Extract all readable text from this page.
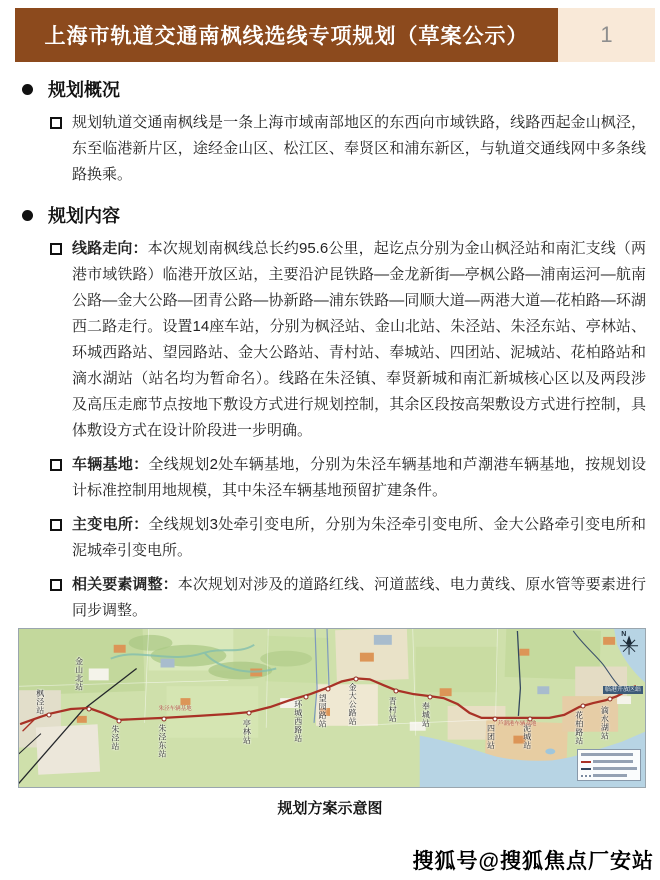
上海市轨道交通南枫线选线专项规划（草案公示）	1
规划概况
规划轨道交通南枫线是一条上海市域南部地区的东西向市域铁路，线路西起金山枫泾，东至临港新片区，途经金山区、松江区、奉贤区和浦东新区，与轨道交通线网中多条线路换乘。
规划内容
线路走向：本次规划南枫线总长约95.6公里，起讫点分别为金山枫泾站和南汇支线（两港市域铁路）临港开放区站，主要沿沪昆铁路—金龙新街—亭枫公路—浦南运河—航南公路—金大公路—团青公路—协新路—浦东铁路—同顺大道—两港大道—花柏路—环湖西二路走行。设置14座车站，分别为枫泾站、金山北站、朱泾站、朱泾东站、亭林站、环城西路站、望园路站、金大公路站、青村站、奉城站、四团站、泥城站、花柏路站和滴水湖站（站名均为暂命名）。线路在朱泾镇、奉贤新城和南汇新城核心区以及两段涉及高压走廊节点按地下敷设方式进行规划控制，其余区段按高架敷设方式进行控制，具体敷设方式在设计阶段进一步明确。
车辆基地：全线规划2处车辆基地，分别为朱泾车辆基地和芦潮港车辆基地，按规划设计标准控制用地规模，其中朱泾车辆基地预留扩建条件。
主变电所：全线规划3处牵引变电所，分别为朱泾牵引变电所、金大公路牵引变电所和泥城牵引变电所。
相关要素调整：本次规划对涉及的道路红线、河道蓝线、电力黄线、原水管等要素进行同步调整。
枫泾站
金山北站
朱泾站	朱泾东站	亭林站	环城西路站 望园路站	金大公路站	青村站	奉城站
四团站	泥城站	花柏路站 滴水湖站
朱泾车辆基地
芦潮港车辆基地
临港开放区站
N
规划方案示意图
搜狐号@搜狐焦点厂安站
